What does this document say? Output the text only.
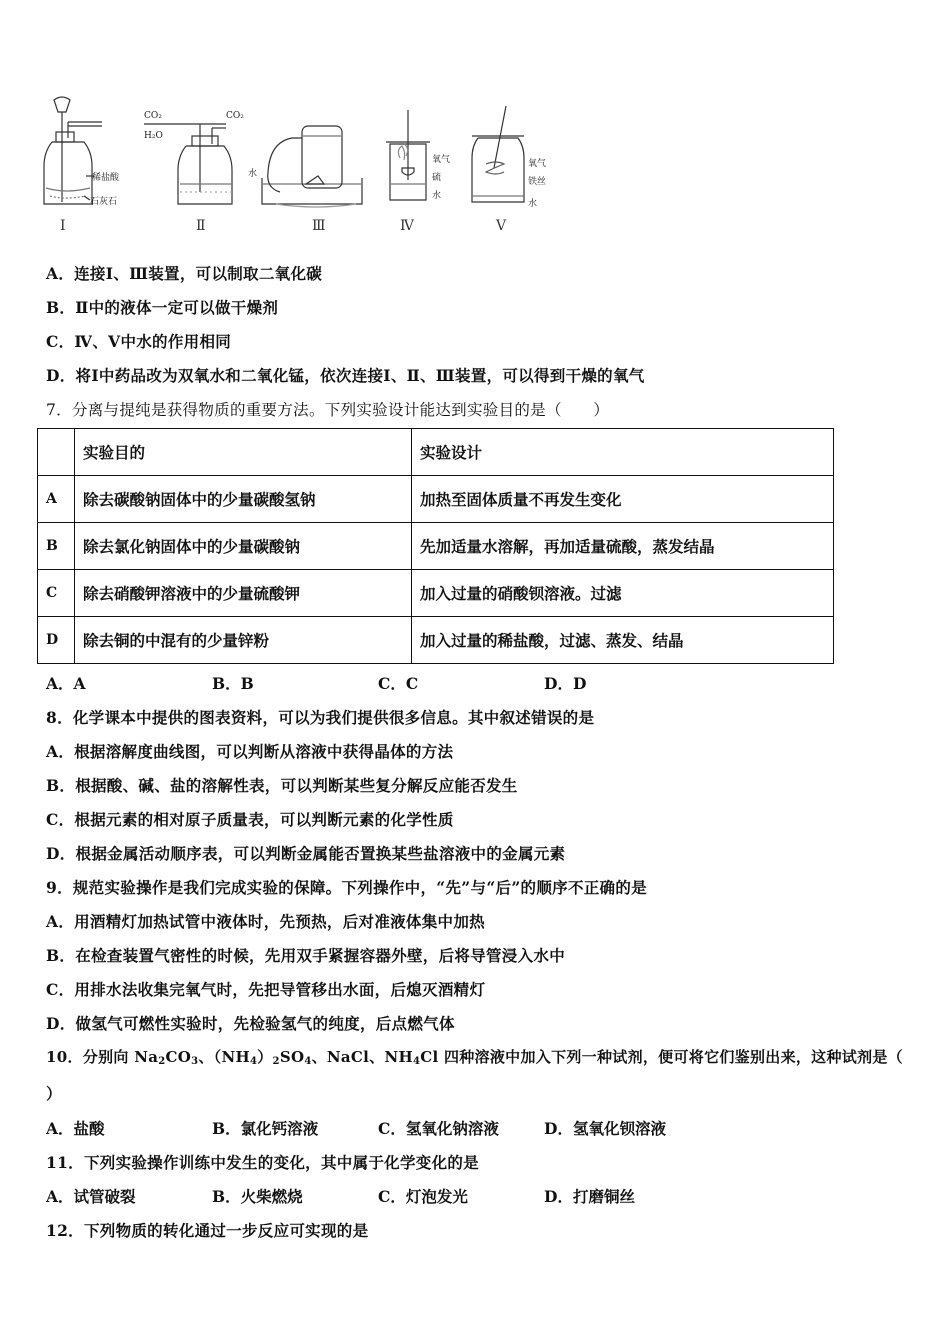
CO₂
H₂O
CO₂
稀盐酸
石灰石
水
氧气
硫
水
氧气
铁丝
水
Ⅰ	Ⅱ	Ⅲ	Ⅳ	Ⅴ
A．连接Ⅰ、Ⅲ装置，可以制取二氧化碳
B．Ⅱ中的液体一定可以做干燥剂
C．Ⅳ、Ⅴ中水的作用相同
D．将Ⅰ中药品改为双氧水和二氧化锰，依次连接Ⅰ、Ⅱ、Ⅲ装置，可以得到干燥的氧气
7．分离与提纯是获得物质的重要方法。下列实验设计能达到实验目的是（　　）
	实验目的	实验设计
A	除去碳酸钠固体中的少量碳酸氢钠	加热至固体质量不再发生变化
B	除去氯化钠固体中的少量碳酸钠	先加适量水溶解，再加适量硫酸，蒸发结晶
C	除去硝酸钾溶液中的少量硫酸钾	加入过量的硝酸钡溶液。过滤
D	除去铜的中混有的少量锌粉	加入过量的稀盐酸，过滤、蒸发、结晶
A．A	B．B	C．C	D．D
8．化学课本中提供的图表资料，可以为我们提供很多信息。其中叙述错误的是
A．根据溶解度曲线图，可以判断从溶液中获得晶体的方法
B．根据酸、碱、盐的溶解性表，可以判断某些复分解反应能否发生
C．根据元素的相对原子质量表，可以判断元素的化学性质
D．根据金属活动顺序表，可以判断金属能否置换某些盐溶液中的金属元素
9．规范实验操作是我们完成实验的保障。下列操作中，“先”与“后”的顺序不正确的是
A．用酒精灯加热试管中液体时，先预热，后对准液体集中加热
B．在检查装置气密性的时候，先用双手紧握容器外壁，后将导管浸入水中
C．用排水法收集完氧气时，先把导管移出水面，后熄灭酒精灯
D．做氢气可燃性实验时，先检验氢气的纯度，后点燃气体
10．分别向 $Na_2CO_3$、$(NH_4)_2SO_4$、NaCl、$NH_4Cl$ 四种溶液中加入下列一种试剂，便可将它们鉴别出来，这种试剂是（
）
A．盐酸	B．氯化钙溶液	C．氢氧化钠溶液	D．氢氧化钡溶液
11．下列实验操作训练中发生的变化，其中属于化学变化的是
A．试管破裂	B．火柴燃烧	C．灯泡发光	D．打磨铜丝
12．下列物质的转化通过一步反应可实现的是
